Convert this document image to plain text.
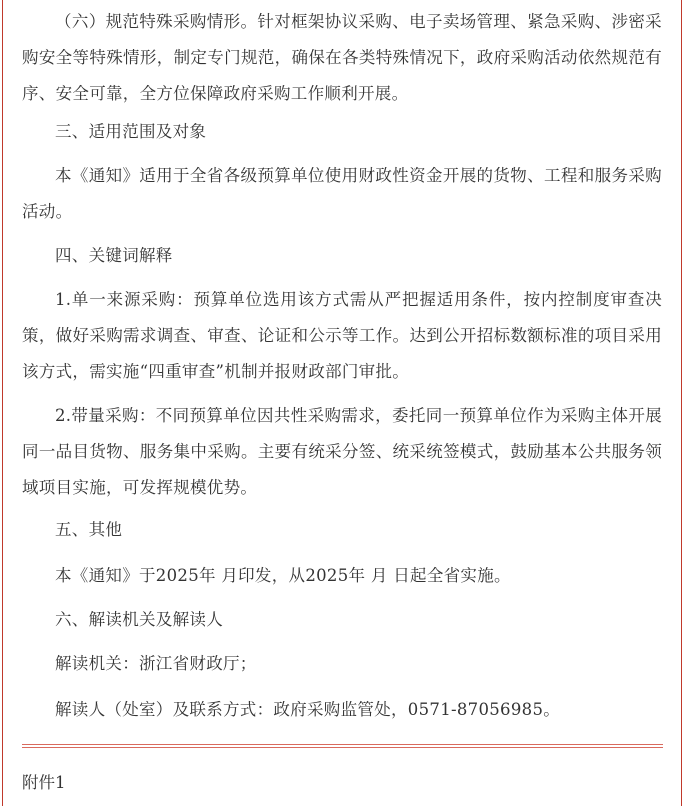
（六）规范特殊采购情形。针对框架协议采购、电子卖场管理、紧急采购、涉密采购安全等特殊情形，制定专门规范，确保在各类特殊情况下，政府采购活动依然规范有序、安全可靠，全方位保障政府采购工作顺利开展。

三、适用范围及对象

本《通知》适用于全省各级预算单位使用财政性资金开展的货物、工程和服务采购活动。

四、关键词解释

1.单一来源采购：预算单位选用该方式需从严把握适用条件，按内控制度审查决策，做好采购需求调查、审查、论证和公示等工作。达到公开招标数额标准的项目采用该方式，需实施“四重审查”机制并报财政部门审批。

2.带量采购：不同预算单位因共性采购需求，委托同一预算单位作为采购主体开展同一品目货物、服务集中采购。主要有统采分签、统采统签模式，鼓励基本公共服务领域项目实施，可发挥规模优势。

五、其他

本《通知》于2025年 月印发，从2025年 月 日起全省实施。

六、解读机关及解读人

解读机关：浙江省财政厅；

解读人（处室）及联系方式：政府采购监管处，0571-87056985。

附件1
